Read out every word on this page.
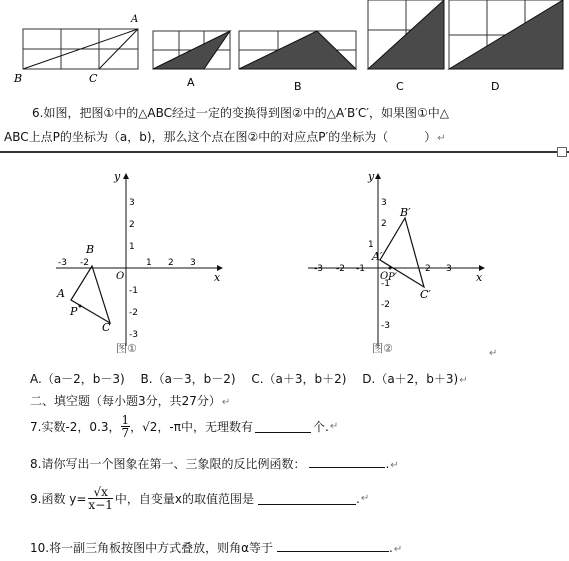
A
B	C	A	B	C	D
6.如图，把图①中的△ABC经过一定的变换得到图②中的△A′B′C′，如果图①中△
ABC上点P的坐标为（a，b)，那么这个点在图②中的对应点P′的坐标为（　　　）↵
x
y
O
-3 -2	1 2 3
3
2
1
-1
-2
-3
A
B
C
P
图①
x
y
O
-3 -2 -1	2 3
3
2
1
-1
-2
-3
A′
B′
C′
P′
图②	↵
A.（a－2，b－3)　 B.（a－3，b－2)　 C.（a＋3，b＋2)　 D.（a＋2，b＋3)↵
二、填空题（每小题3分，共27分）↵
7.实数-2，0.3， $\frac{1}{7}$ ，√2，-π中，无理数有	个. ↵
8.请你写出一个图象在第一、三象限的反比例函数：	.↵
9.函数 $y= \frac{√x}{x-1}$ 中，自变量x的取值范围是	. ↵
10.将一副三角板按图中方式叠放，则角α等于	.↵
